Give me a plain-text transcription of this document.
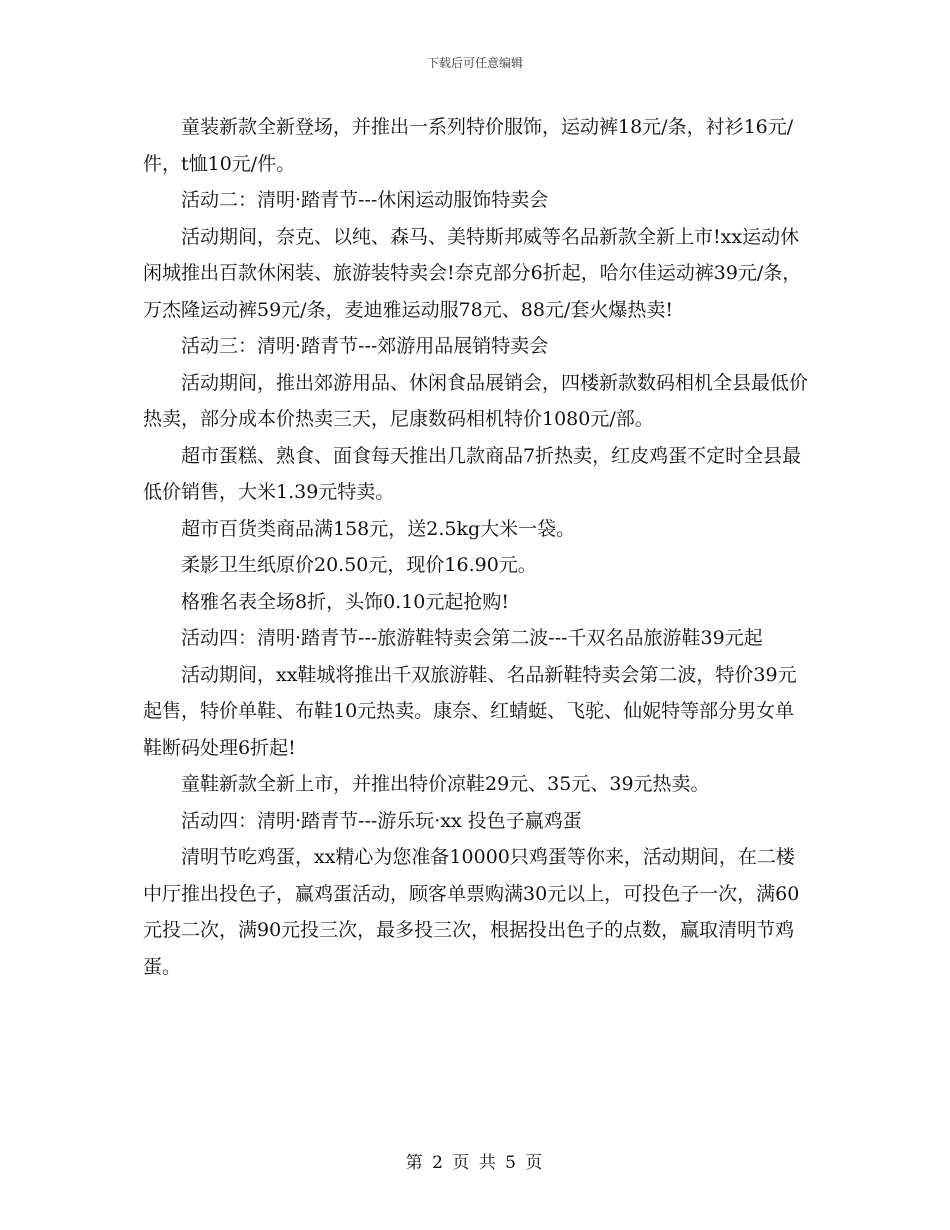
下载后可任意编辑

童装新款全新登场，并推出一系列特价服饰，运动裤18元/条，衬衫16元/件，t恤10元/件。

活动二：清明·踏青节---休闲运动服饰特卖会

活动期间，奈克、以纯、森马、美特斯邦威等名品新款全新上市!xx运动休闲城推出百款休闲装、旅游装特卖会!奈克部分6折起，哈尔佳运动裤39元/条，万杰隆运动裤59元/条，麦迪雅运动服78元、88元/套火爆热卖!

活动三：清明·踏青节---郊游用品展销特卖会

活动期间，推出郊游用品、休闲食品展销会，四楼新款数码相机全县最低价热卖，部分成本价热卖三天，尼康数码相机特价1080元/部。

超市蛋糕、熟食、面食每天推出几款商品7折热卖，红皮鸡蛋不定时全县最低价销售，大米1.39元特卖。

超市百货类商品满158元，送2.5kg大米一袋。

柔影卫生纸原价20.50元，现价16.90元。

格雅名表全场8折，头饰0.10元起抢购!

活动四：清明·踏青节---旅游鞋特卖会第二波---千双名品旅游鞋39元起

活动期间，xx鞋城将推出千双旅游鞋、名品新鞋特卖会第二波，特价39元起售，特价单鞋、布鞋10元热卖。康奈、红蜻蜓、飞驼、仙妮特等部分男女单鞋断码处理6折起!

童鞋新款全新上市，并推出特价凉鞋29元、35元、39元热卖。

活动四：清明·踏青节---游乐玩·xx 投色子赢鸡蛋

清明节吃鸡蛋，xx精心为您准备10000只鸡蛋等你来，活动期间，在二楼中厅推出投色子，赢鸡蛋活动，顾客单票购满30元以上，可投色子一次，满60元投二次，满90元投三次，最多投三次，根据投出色子的点数，赢取清明节鸡蛋。

第 2 页 共 5 页
